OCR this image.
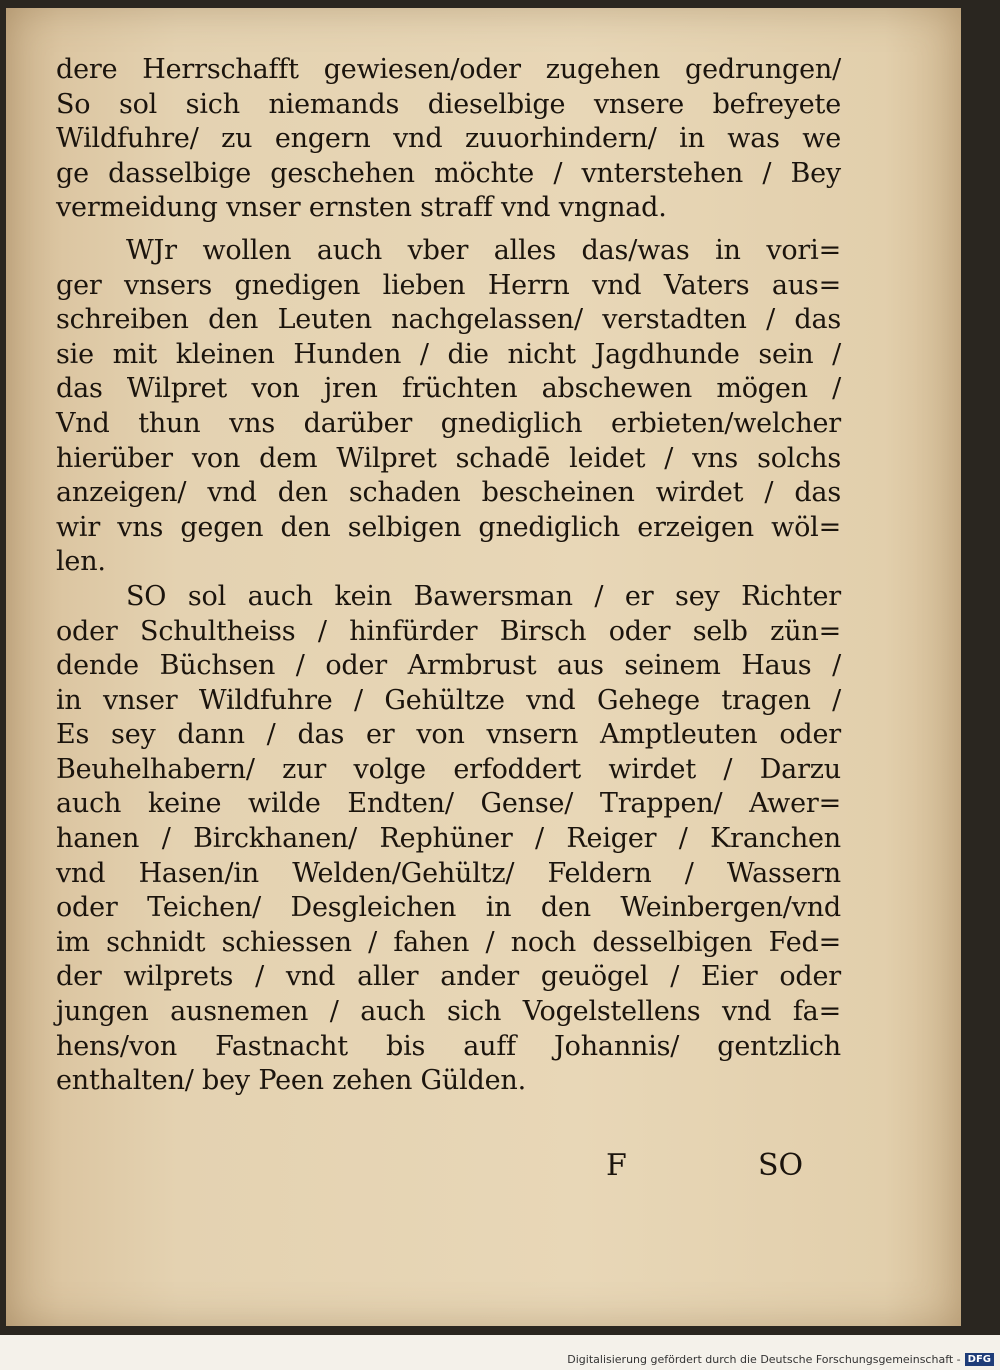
dere Herrschafft gewiesen/oder zugehen gedrungen/
So sol sich niemands dieselbige vnsere befreyete
Wildfuhre/ zu engern vnd zuuorhindern/ in was we
ge dasselbige geschehen möchte / vnterstehen / Bey
vermeidung vnser ernsten straff vnd vngnad.
WJr wollen auch vber alles das/was in vori=
ger vnsers gnedigen lieben Herrn vnd Vaters aus=
schreiben den Leuten nachgelassen/ verstadten / das
sie mit kleinen Hunden / die nicht Jagdhunde sein /
das Wilpret von jren früchten abschewen mögen /
Vnd thun vns darüber gnediglich erbieten/welcher
hierüber von dem Wilpret schadē leidet / vns solchs
anzeigen/ vnd den schaden bescheinen wirdet / das
wir vns gegen den selbigen gnediglich erzeigen wöl=
len.
SO sol auch kein Bawersman / er sey Richter
oder Schultheiss / hinfürder Birsch oder selb zün=
dende Büchsen / oder Armbrust aus seinem Haus /
in vnser Wildfuhre / Gehültze vnd Gehege tragen /
Es sey dann / das er von vnsern Amptleuten oder
Beuhelhabern/ zur volge erfoddert wirdet / Darzu
auch keine wilde Endten/ Gense/ Trappen/ Awer=
hanen / Birckhanen/ Rephüner / Reiger / Kranchen
vnd Hasen/in Welden/Gehültz/ Feldern / Wassern
oder Teichen/ Desgleichen in den Weinbergen/vnd
im schnidt schiessen / fahen / noch desselbigen Fed=
der wilprets / vnd aller ander geuögel / Eier oder
jungen ausnemen / auch sich Vogelstellens vnd fa=
hens/von Fastnacht bis auff Johannis/ gentzlich
enthalten/ bey Peen zehen Gülden.
F	SO
Digitalisierung gefördert durch die Deutsche Forschungsgemeinschaft - DFG
